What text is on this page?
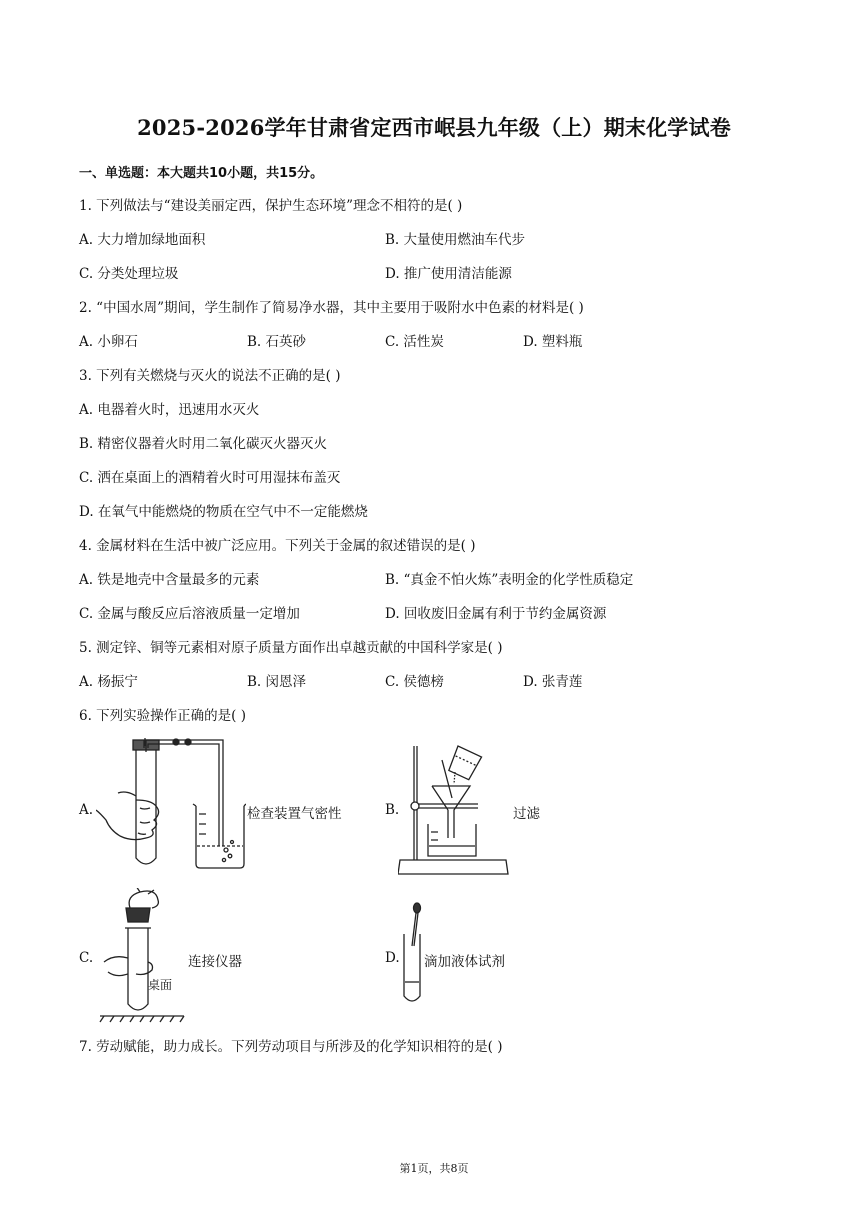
2025-2026学年甘肃省定西市岷县九年级（上）期末化学试卷
一、单选题：本大题共10小题，共15分。
1. 下列做法与“建设美丽定西，保护生态环境”理念不相符的是( )
A. 大力增加绿地面积	B. 大量使用燃油车代步
C. 分类处理垃圾	D. 推广使用清洁能源
2. “中国水周”期间，学生制作了简易净水器，其中主要用于吸附水中色素的材料是( )
A. 小卵石	B. 石英砂	C. 活性炭	D. 塑料瓶
3. 下列有关燃烧与灭火的说法不正确的是( )
A. 电器着火时，迅速用水灭火
B. 精密仪器着火时用二氧化碳灭火器灭火
C. 洒在桌面上的酒精着火时可用湿抹布盖灭
D. 在氧气中能燃烧的物质在空气中不一定能燃烧
4. 金属材料在生活中被广泛应用。下列关于金属的叙述错误的是( )
A. 铁是地壳中含量最多的元素	B. “真金不怕火炼”表明金的化学性质稳定
C. 金属与酸反应后溶液质量一定增加	D. 回收废旧金属有利于节约金属资源
5. 测定锌、铜等元素相对原子质量方面作出卓越贡献的中国科学家是( )
A. 杨振宁	B. 闵恩泽	C. 侯德榜	D. 张青莲
6. 下列实验操作正确的是( )
A.	检查装置气密性	B.	过滤
C.
桌面
连接仪器	D. 滴加液体试剂
7. 劳动赋能，助力成长。下列劳动项目与所涉及的化学知识相符的是( )
第1页，共8页
